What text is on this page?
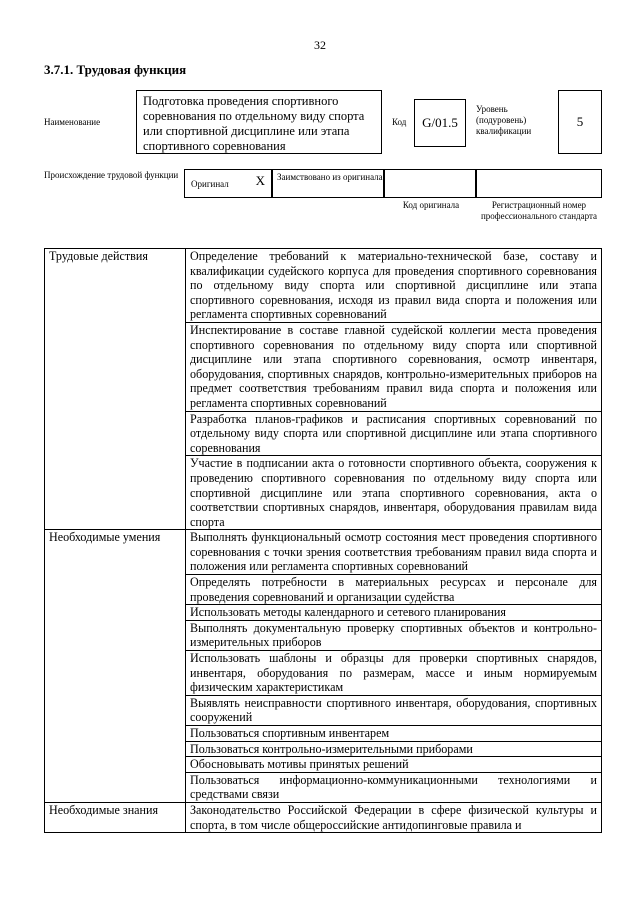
32
3.7.1. Трудовая функция
Наименование
Подготовка проведения спортивного соревнования по отдельному виду спорта или спортивной дисциплине или этапа спортивного соревнования
Код	G/01.5
Уровень (подуровень) квалификации
5
Происхождение трудовой функции
Оригинал X Заимствовано из оригинала
Код оригинала	Регистрационный номер профессионального стандарта
Трудовые действия	Определение требований к материально-технической базе, составу и квалификации судейского корпуса для проведения спортивного соревнования по отдельному виду спорта или спортивной дисциплине или этапа спортивного соревнования, исходя из правил вида спорта и положения или регламента спортивных соревнований
	Инспектирование в составе главной судейской коллегии места проведения спортивного соревнования по отдельному виду спорта или спортивной дисциплине или этапа спортивного соревнования, осмотр инвентаря, оборудования, спортивных снарядов, контрольно-измерительных приборов на предмет соответствия требованиям правил вида спорта и положения или регламента спортивных соревнований
	Разработка планов-графиков и расписания спортивных соревнований по отдельному виду спорта или спортивной дисциплине или этапа спортивного соревнования
	Участие в подписании акта о готовности спортивного объекта, сооружения к проведению спортивного соревнования по отдельному виду спорта или спортивной дисциплине или этапа спортивного соревнования, акта о соответствии спортивных снарядов, инвентаря, оборудования правилам вида спорта
Необходимые умения	Выполнять функциональный осмотр состояния мест проведения спортивного соревнования с точки зрения соответствия требованиям правил вида спорта и положения или регламента спортивных соревнований
	Определять потребности в материальных ресурсах и персонале для проведения соревнований и организации судейства
	Использовать методы календарного и сетевого планирования
	Выполнять документальную проверку спортивных объектов и контрольно-измерительных приборов
	Использовать шаблоны и образцы для проверки спортивных снарядов, инвентаря, оборудования по размерам, массе и иным нормируемым физическим характеристикам
	Выявлять неисправности спортивного инвентаря, оборудования, спортивных сооружений
	Пользоваться спортивным инвентарем
	Пользоваться контрольно-измерительными приборами
	Обосновывать мотивы принятых решений
	Пользоваться информационно-коммуникационными технологиями и средствами связи
Необходимые знания	Законодательство Российской Федерации в сфере физической культуры и спорта, в том числе общероссийские антидопинговые правила и
